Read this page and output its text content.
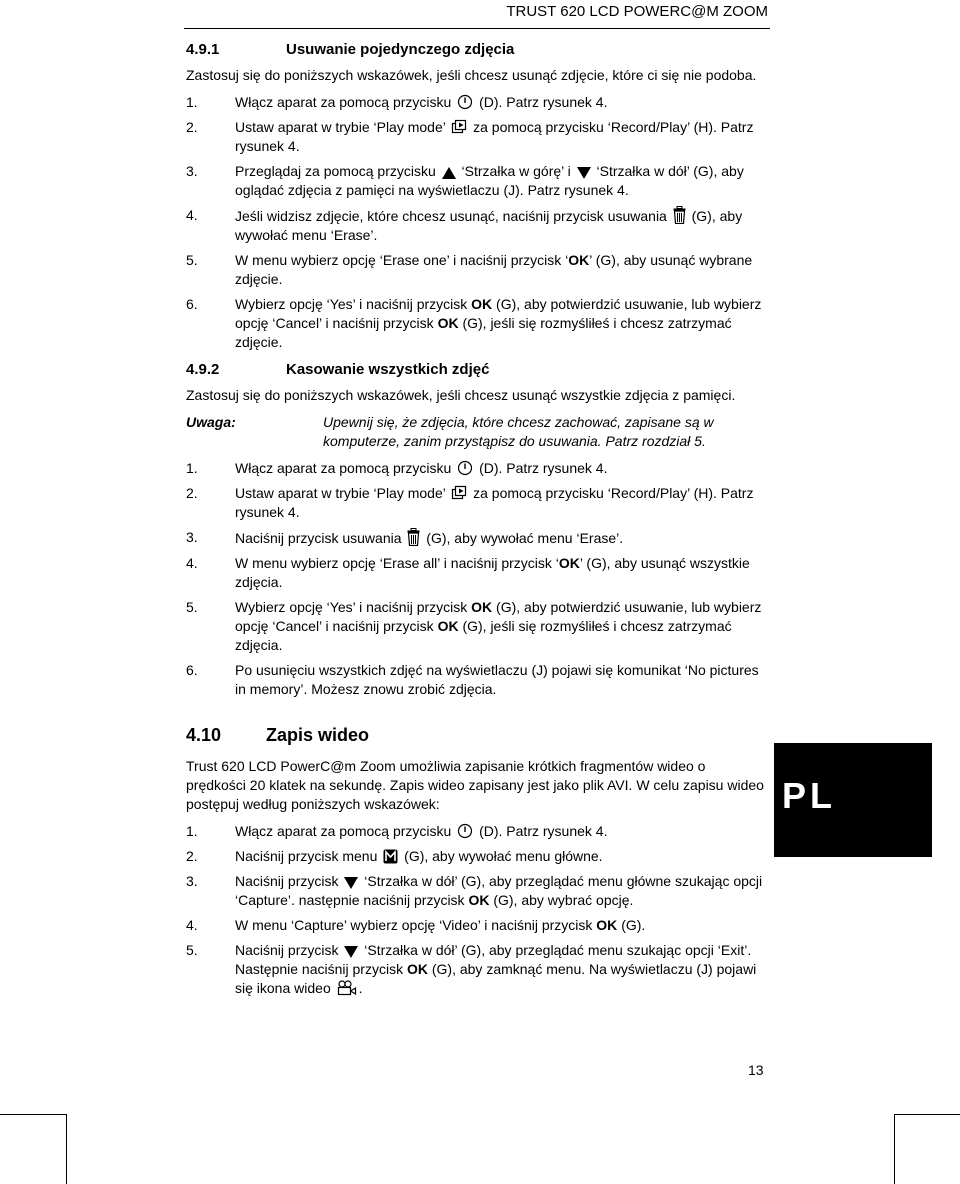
TRUST 620 LCD POWERC@M ZOOM
4.9.1	Usuwanie pojedynczego zdjęcia
Zastosuj się do poniższych wskazówek, jeśli chcesz usunąć zdjęcie, które ci się nie podoba.
1.	Włącz aparat za pomocą przycisku (D). Patrz rysunek 4.
2.	Ustaw aparat w trybie ‘Play mode’ za pomocą przycisku ‘Record/Play’ (H). Patrz rysunek 4.
3.	Przeglądaj za pomocą przycisku ‘Strzałka w górę’ i ‘Strzałka w dół’ (G), aby oglądać zdjęcia z pamięci na wyświetlaczu (J). Patrz rysunek 4.
4.	Jeśli widzisz zdjęcie, które chcesz usunąć, naciśnij przycisk usuwania (G), aby wywołać menu ‘Erase’.
5.	W menu wybierz opcję ‘Erase one’ i naciśnij przycisk ‘OK’ (G), aby usunąć wybrane zdjęcie.
6.	Wybierz opcję ‘Yes’ i naciśnij przycisk OK (G), aby potwierdzić usuwanie, lub wybierz opcję ‘Cancel’ i naciśnij przycisk OK (G), jeśli się rozmyśliłeś i chcesz zatrzymać zdjęcie.
4.9.2	Kasowanie wszystkich zdjęć
Zastosuj się do poniższych wskazówek, jeśli chcesz usunąć wszystkie zdjęcia z pamięci.
Uwaga:	Upewnij się, że zdjęcia, które chcesz zachować, zapisane są w komputerze, zanim przystąpisz do usuwania. Patrz rozdział 5.
1.	Włącz aparat za pomocą przycisku (D). Patrz rysunek 4.
2.	Ustaw aparat w trybie ‘Play mode’ za pomocą przycisku ‘Record/Play’ (H). Patrz rysunek 4.
3.	Naciśnij przycisk usuwania (G), aby wywołać menu ‘Erase’.
4.	W menu wybierz opcję ‘Erase all’ i naciśnij przycisk ‘OK’ (G), aby usunąć wszystkie zdjęcia.
5.	Wybierz opcję ‘Yes’ i naciśnij przycisk OK (G), aby potwierdzić usuwanie, lub wybierz opcję ‘Cancel’ i naciśnij przycisk OK (G), jeśli się rozmyśliłeś i chcesz zatrzymać zdjęcia.
6.	Po usunięciu wszystkich zdjęć na wyświetlaczu (J) pojawi się komunikat ‘No pictures in memory’. Możesz znowu zrobić zdjęcia.
4.10	Zapis wideo
Trust 620 LCD PowerC@m Zoom umożliwia zapisanie krótkich fragmentów wideo o prędkości 20 klatek na sekundę. Zapis wideo zapisany jest jako plik AVI. W celu zapisu wideo postępuj według poniższych wskazówek:
1.	Włącz aparat za pomocą przycisku (D). Patrz rysunek 4.
2.	Naciśnij przycisk menu (G), aby wywołać menu główne.
3.	Naciśnij przycisk ‘Strzałka w dół’ (G), aby przeglądać menu główne szukając opcji ‘Capture’. następnie naciśnij przycisk OK (G), aby wybrać opcję.
4.	W menu ‘Capture’ wybierz opcję ‘Video’ i naciśnij przycisk OK (G).
5.	Naciśnij przycisk ‘Strzałka w dół’ (G), aby przeglądać menu szukając opcji ‘Exit’. Następnie naciśnij przycisk OK (G), aby zamknąć menu. Na wyświetlaczu (J) pojawi się ikona wideo .
PL
13
